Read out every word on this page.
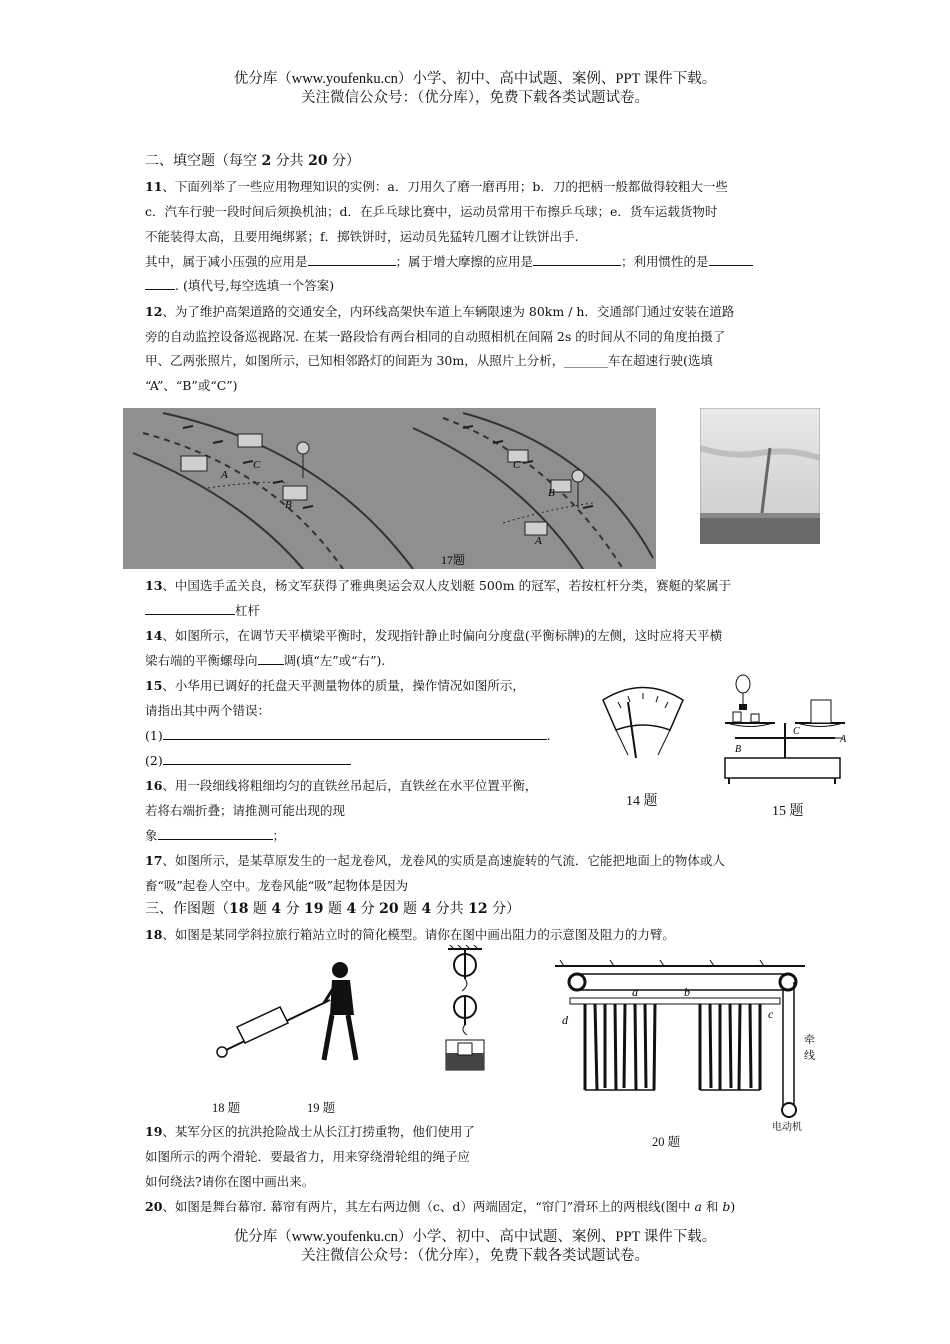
优分库（www.youfenku.cn）小学、初中、高中试题、案例、PPT 课件下载。
关注微信公众号：（优分库），免费下载各类试题试卷。
二、填空题（每空 2 分共 20 分）
11、下面列举了一些应用物理知识的实例：a．刀用久了磨一磨再用；b．刀的把柄一般都做得较粗大一些
c．汽车行驶一段时间后须换机油；d．在乒乓球比赛中，运动员常用干布擦乒乓球；e．货车运载货物时
不能装得太高，且要用绳绑紧；f．掷铁饼时，运动员先猛转几圈才让铁饼出手.
其中，属于减小压强的应用是	；属于增大摩擦的应用是	；利用惯性的是
. (填代号,每空选填一个答案)
12、为了维护高架道路的交通安全，内环线高架快车道上车辆限速为 80km / h．交通部门通过安装在道路
旁的自动监控设备巡视路况. 在某一路段恰有两台相同的自动照相机在间隔 2s 的时间从不同的角度拍摄了
甲、乙两张照片，如图所示，已知相邻路灯的间距为 30m，从照片上分析，_______车在超速行驶(选填
“A”、“B”或“C”)
A
B
C
A
B
C
17题
13、中国选手孟关良，杨文军获得了雅典奥运会双人皮划艇 500m 的冠军，若按杠杆分类，赛艇的桨属于
杠杆
14、如图所示，在调节天平横梁平衡时，发现指针静止时偏向分度盘(平衡标牌)的左侧，这时应将天平横
梁右端的平衡螺母向 调(填“左”或“右”).
15、小华用已调好的托盘天平测量物体的质量，操作情况如图所示，
请指出其中两个错误：
(1)	.
(2)
14 题
C
A
B
15 题
16、用一段细线将粗细均匀的直铁丝吊起后，直铁丝在水平位置平衡，
若将右端折叠；请推测可能出现的现
象	；
17、如图所示，是某草原发生的一起龙卷风，龙卷风的实质是高速旋转的气流．它能把地面上的物体或人
畜“吸”起卷人空中。龙卷风能“吸”起物体是因为
三、作图题（18 题 4 分 19 题 4 分 20 题 4 分共 12 分）
18、如图是某同学斜拉旅行箱站立时的简化模型。请你在图中画出阻力的示意图及阻力的力臂。
18 题	19 题
a	b
c
d
牵线
电动机
20 题
19、某军分区的抗洪抢险战士从长江打捞重物，他们使用了
如图所示的两个滑轮．要最省力，用来穿绕滑轮组的绳子应
如何绕法?请你在图中画出来。
20、如图是舞台幕帘. 幕帘有两片，其左右两边侧（c、d）两端固定，“帘门”滑环上的两根线(图中 a 和 b)
优分库（www.youfenku.cn）小学、初中、高中试题、案例、PPT 课件下载。
关注微信公众号：（优分库），免费下载各类试题试卷。
